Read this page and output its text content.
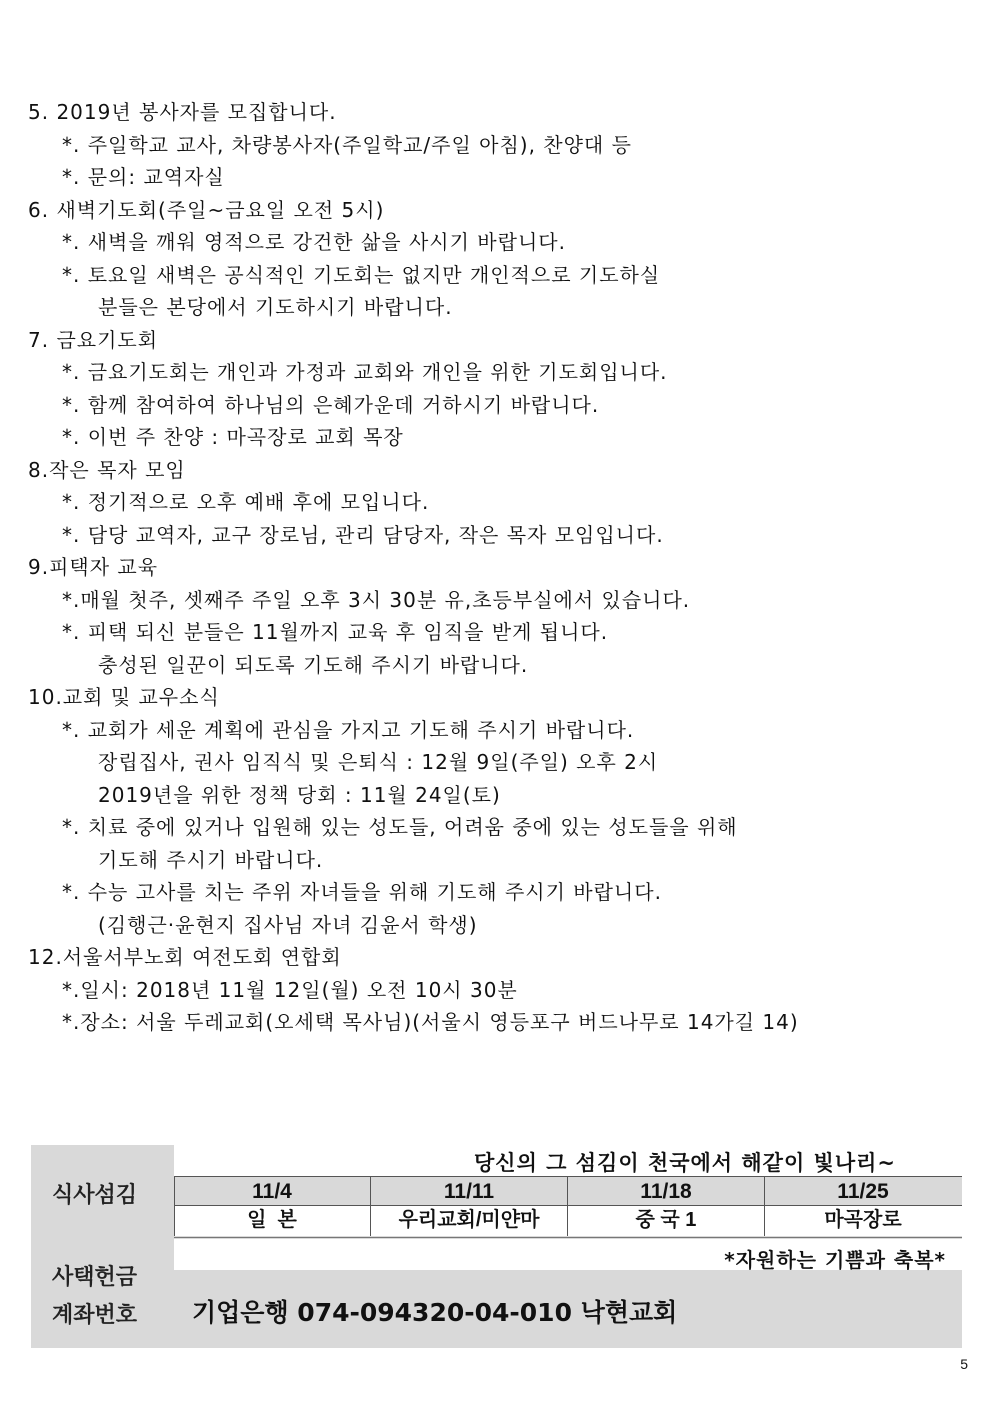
5. 2019년 봉사자를 모집합니다.
*. 주일학교 교사, 차량봉사자(주일학교/주일 아침), 찬양대 등
*. 문의: 교역자실
6. 새벽기도회(주일~금요일 오전 5시)
*. 새벽을 깨워 영적으로 강건한 삶을 사시기 바랍니다.
*. 토요일 새벽은 공식적인 기도회는 없지만 개인적으로 기도하실
분들은 본당에서 기도하시기 바랍니다.
7. 금요기도회
*. 금요기도회는 개인과 가정과 교회와 개인을 위한 기도회입니다.
*. 함께 참여하여 하나님의 은혜가운데 거하시기 바랍니다.
*. 이번 주 찬양 : 마곡장로 교회 목장
8.작은 목자 모임
*. 정기적으로 오후 예배 후에 모입니다.
*. 담당 교역자, 교구 장로님, 관리 담당자, 작은 목자 모임입니다.
9.피택자 교육
*.매월 첫주, 셋째주 주일 오후 3시 30분 유,초등부실에서 있습니다.
*. 피택 되신 분들은 11월까지 교육 후 임직을 받게 됩니다.
충성된 일꾼이 되도록 기도해 주시기 바랍니다.
10.교회 및 교우소식
*. 교회가 세운 계획에 관심을 가지고 기도해 주시기 바랍니다.
장립집사, 권사 임직식 및 은퇴식 : 12월 9일(주일) 오후 2시
2019년을 위한 정책 당회 : 11월 24일(토)
*. 치료 중에 있거나 입원해 있는 성도들, 어려움 중에 있는 성도들을 위해
기도해 주시기 바랍니다.
*. 수능 고사를 치는 주위 자녀들을 위해 기도해 주시기 바랍니다.
(김행근·윤현지 집사님 자녀 김윤서 학생)
12.서울서부노회 여전도회 연합회
*.일시: 2018년 11월 12일(월) 오전 10시 30분
*.장소: 서울 두레교회(오세택 목사님)(서울시 영등포구 버드나무로 14가길 14)
식사섬김
당신의 그 섬김이 천국에서 해같이 빛나리~
11/4	11/11	11/18	11/25
일  본	우리교회/미얀마	중 국 1	마곡장로
*자원하는 기쁨과 축복*
사택헌금
계좌번호 기업은행 074-094320-04-010 낙현교회
5
